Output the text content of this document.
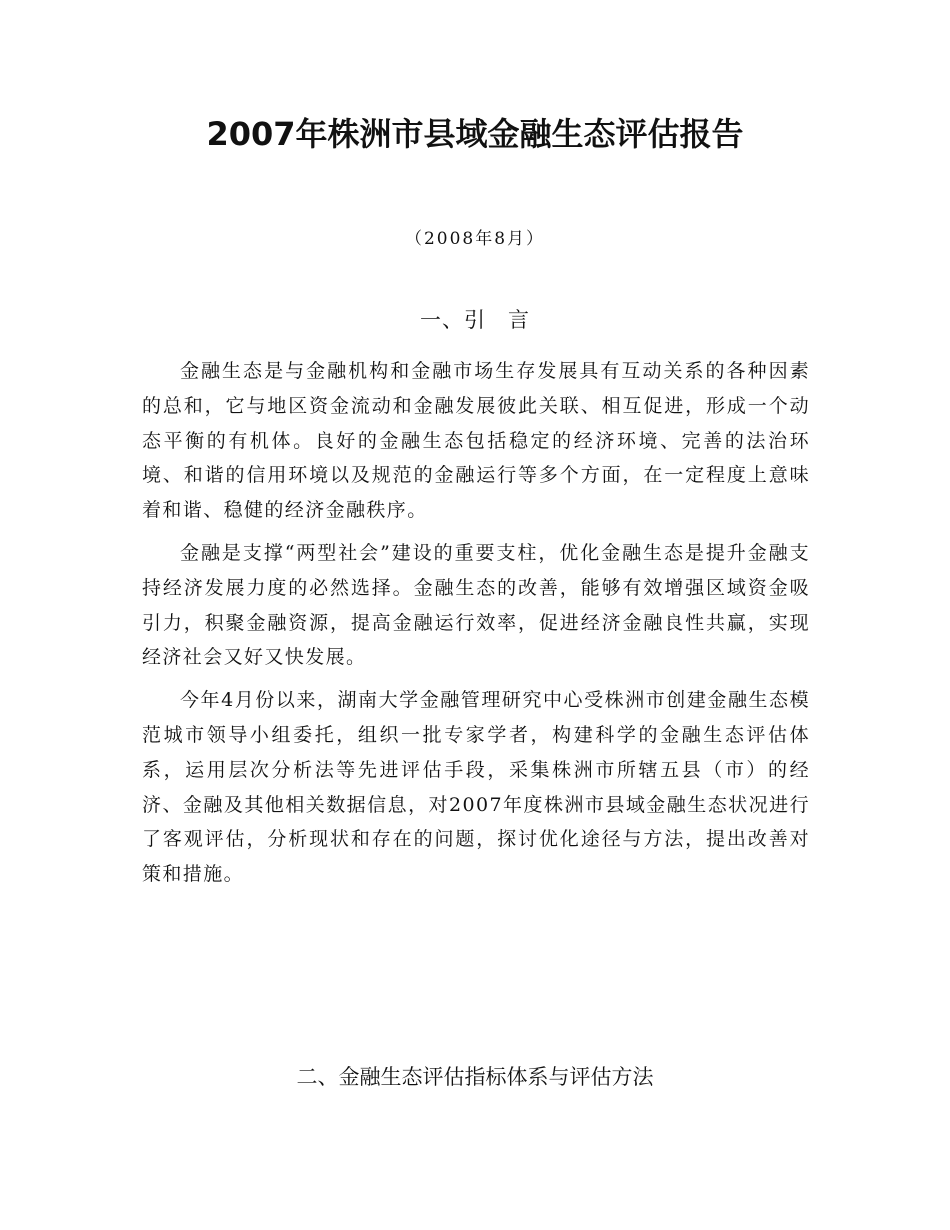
2007年株洲市县域金融生态评估报告
（2008年8月）
一、引　言

金融生态是与金融机构和金融市场生存发展具有互动关系的各种因素的总和，它与地区资金流动和金融发展彼此关联、相互促进，形成一个动态平衡的有机体。良好的金融生态包括稳定的经济环境、完善的法治环境、和谐的信用环境以及规范的金融运行等多个方面，在一定程度上意味着和谐、稳健的经济金融秩序。

金融是支撑“两型社会”建设的重要支柱，优化金融生态是提升金融支持经济发展力度的必然选择。金融生态的改善，能够有效增强区域资金吸引力，积聚金融资源，提高金融运行效率，促进经济金融良性共赢，实现经济社会又好又快发展。

今年4月份以来，湖南大学金融管理研究中心受株洲市创建金融生态模范城市领导小组委托，组织一批专家学者，构建科学的金融生态评估体系，运用层次分析法等先进评估手段，采集株洲市所辖五县（市）的经济、金融及其他相关数据信息，对2007年度株洲市县域金融生态状况进行了客观评估，分析现状和存在的问题，探讨优化途径与方法，提出改善对策和措施。

二、金融生态评估指标体系与评估方法
